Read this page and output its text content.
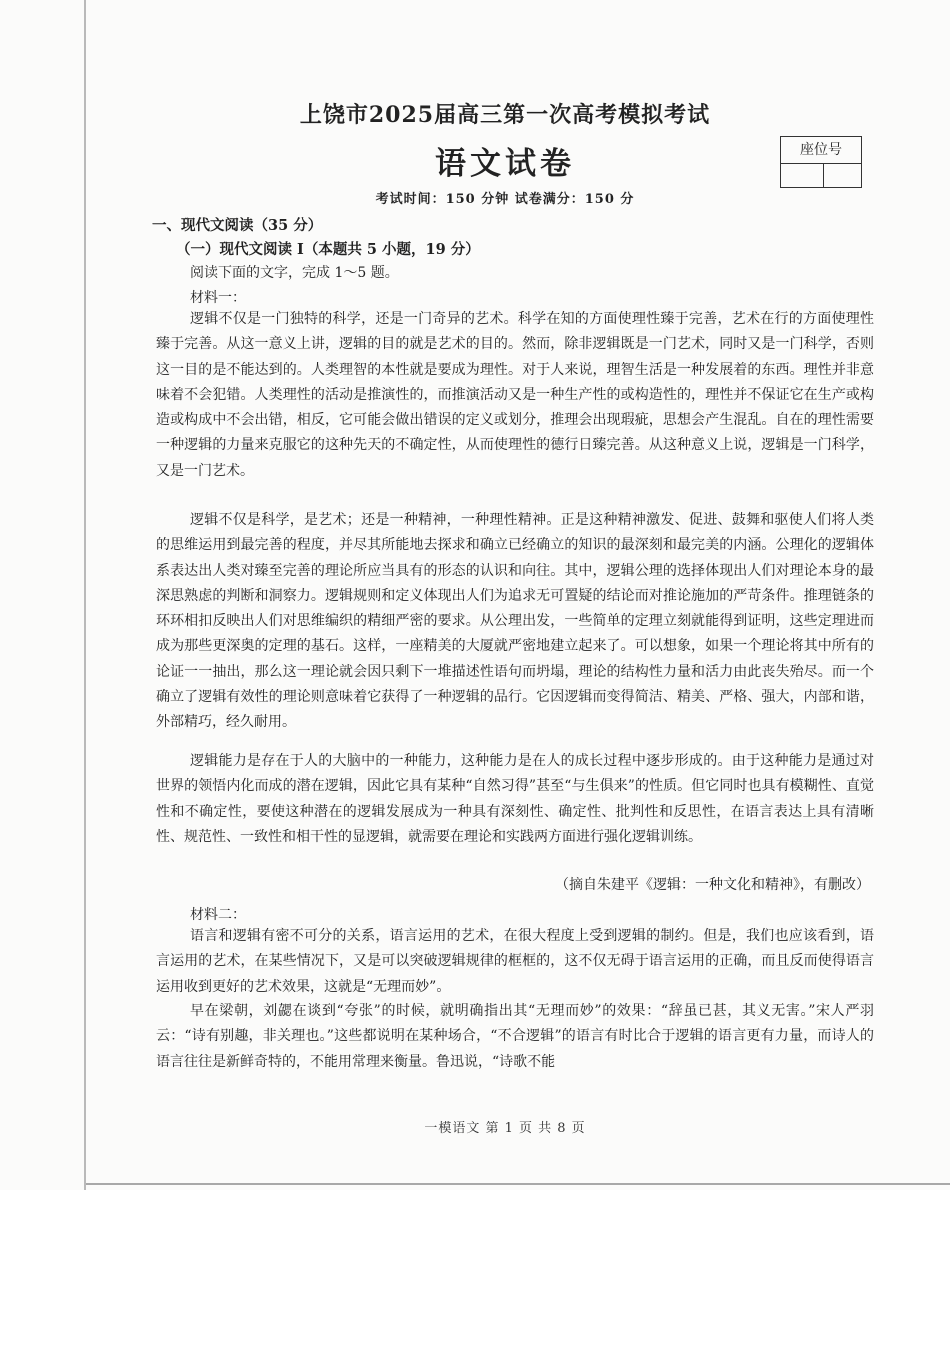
上饶市2025届高三第一次高考模拟考试
语文试卷	座位号
考试时间：150 分钟 试卷满分：150 分
一、现代文阅读（35 分）
（一）现代文阅读 I（本题共 5 小题，19 分）
阅读下面的文字，完成 1～5 题。
材料一：

逻辑不仅是一门独特的科学，还是一门奇异的艺术。科学在知的方面使理性臻于完善，艺术在行的方面使理性臻于完善。从这一意义上讲，逻辑的目的就是艺术的目的。然而，除非逻辑既是一门艺术，同时又是一门科学，否则这一目的是不能达到的。人类理智的本性就是要成为理性。对于人来说，理智生活是一种发展着的东西。理性并非意味着不会犯错。人类理性的活动是推演性的，而推演活动又是一种生产性的或构造性的，理性并不保证它在生产或构造或构成中不会出错，相反，它可能会做出错误的定义或划分，推理会出现瑕疵，思想会产生混乱。自在的理性需要一种逻辑的力量来克服它的这种先天的不确定性，从而使理性的德行日臻完善。从这种意义上说，逻辑是一门科学，又是一门艺术。

逻辑不仅是科学，是艺术；还是一种精神，一种理性精神。正是这种精神激发、促进、鼓舞和驱使人们将人类的思维运用到最完善的程度，并尽其所能地去探求和确立已经确立的知识的最深刻和最完美的内涵。公理化的逻辑体系表达出人类对臻至完善的理论所应当具有的形态的认识和向往。其中，逻辑公理的选择体现出人们对理论本身的最深思熟虑的判断和洞察力。逻辑规则和定义体现出人们为追求无可置疑的结论而对推论施加的严苛条件。推理链条的环环相扣反映出人们对思维编织的精细严密的要求。从公理出发，一些简单的定理立刻就能得到证明，这些定理进而成为那些更深奥的定理的基石。这样，一座精美的大厦就严密地建立起来了。可以想象，如果一个理论将其中所有的论证一一抽出，那么这一理论就会因只剩下一堆描述性语句而坍塌，理论的结构性力量和活力由此丧失殆尽。而一个确立了逻辑有效性的理论则意味着它获得了一种逻辑的品行。它因逻辑而变得简洁、精美、严格、强大，内部和谐，外部精巧，经久耐用。

逻辑能力是存在于人的大脑中的一种能力，这种能力是在人的成长过程中逐步形成的。由于这种能力是通过对世界的领悟内化而成的潜在逻辑，因此它具有某种“自然习得”甚至“与生俱来”的性质。但它同时也具有模糊性、直觉性和不确定性，要使这种潜在的逻辑发展成为一种具有深刻性、确定性、批判性和反思性，在语言表达上具有清晰性、规范性、一致性和相干性的显逻辑，就需要在理论和实践两方面进行强化逻辑训练。

（摘自朱建平《逻辑：一种文化和精神》，有删改）
材料二：

语言和逻辑有密不可分的关系，语言运用的艺术，在很大程度上受到逻辑的制约。但是，我们也应该看到，语言运用的艺术，在某些情况下，又是可以突破逻辑规律的框框的，这不仅无碍于语言运用的正确，而且反而使得语言运用收到更好的艺术效果，这就是“无理而妙”。

早在梁朝，刘勰在谈到“夸张”的时候，就明确指出其“无理而妙”的效果：“辞虽已甚，其义无害。”宋人严羽云：“诗有别趣，非关理也。”这些都说明在某种场合，“不合逻辑”的语言有时比合于逻辑的语言更有力量，而诗人的语言往往是新鲜奇特的，不能用常理来衡量。鲁迅说，“诗歌不能

一模语文 第 1 页 共 8 页
